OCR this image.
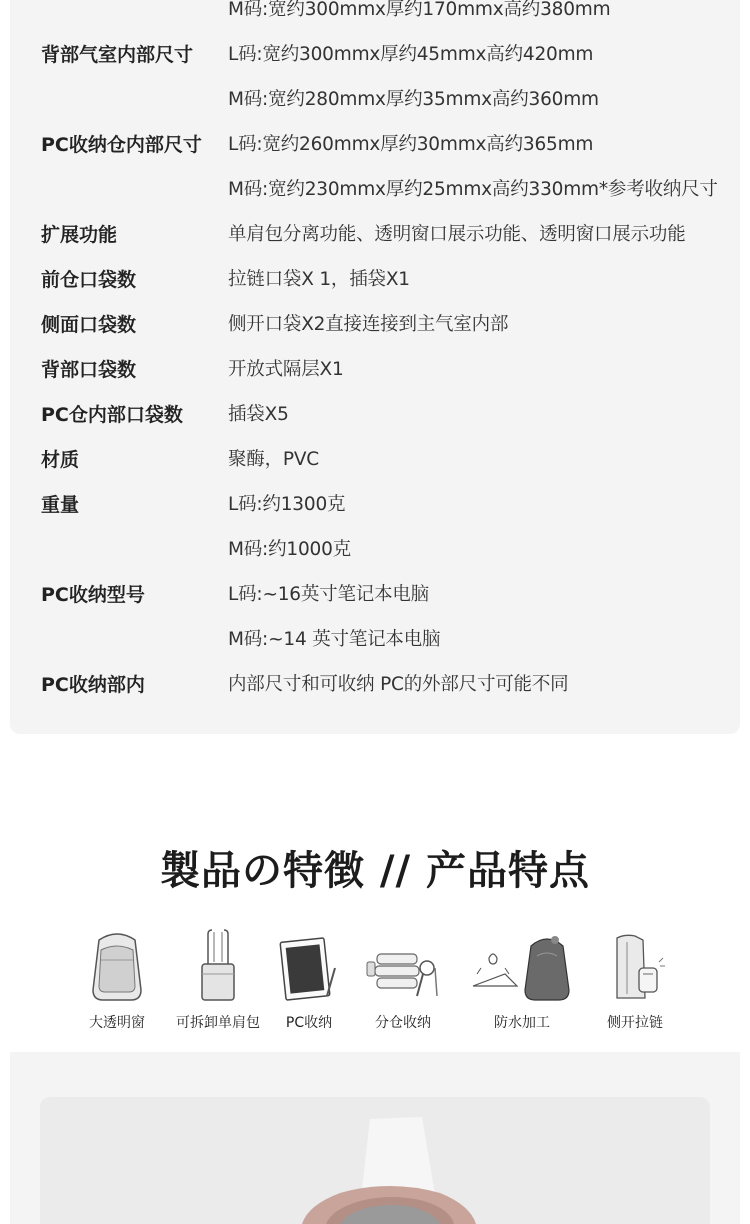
M码:宽约300mmx厚约170mmx高约380mm
背部气室内部尺寸 L码:宽约300mmx厚约45mmx高约420mm
M码:宽约280mmx厚约35mmx高约360mm
PC收纳仓内部尺寸 L码:宽约260mmx厚约30mmx高约365mm
M码:宽约230mmx厚约25mmx高约330mm*参考收纳尺寸
扩展功能	单肩包分离功能、透明窗口展示功能、透明窗口展示功能
前仓口袋数	拉链口袋X 1，插袋X1
侧面口袋数	侧开口袋X2直接连接到主气室内部
背部口袋数	开放式隔层X1
PC仓内部口袋数 插袋X5
材质	聚酶，PVC
重量	L码:约1300克
M码:约1000克
PC收纳型号	L码:~16英寸笔记本电脑
M码:~14 英寸笔记本电脑
PC收纳部内	内部尺寸和可收纳 PC的外部尺寸可能不同
製品の特徴 // 产品特点
大透明窗	可拆卸单肩包	PC收纳	分仓收纳	防水加工	侧开拉链
